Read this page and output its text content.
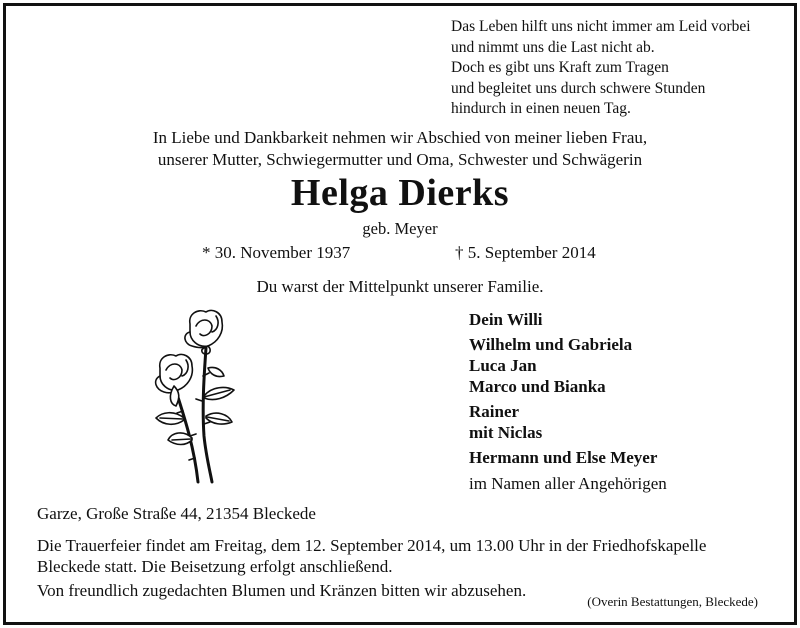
Das Leben hilft uns nicht immer am Leid vorbei
und nimmt uns die Last nicht ab.
Doch es gibt uns Kraft zum Tragen
und begleitet uns durch schwere Stunden
hindurch in einen neuen Tag.
In Liebe und Dankbarkeit nehmen wir Abschied von meiner lieben Frau,
unserer Mutter, Schwiegermutter und Oma, Schwester und Schwägerin
Helga Dierks
geb. Meyer
* 30. November 1937	† 5. September 2014
Du warst der Mittelpunkt unserer Familie.
Dein Willi
Wilhelm und Gabriela
Luca Jan
Marco und Bianka
Rainer
mit Niclas
Hermann und Else Meyer
im Namen aller Angehörigen
Garze, Große Straße 44, 21354 Bleckede
Die Trauerfeier findet am Freitag, dem 12. September 2014, um 13.00 Uhr in der Friedhofskapelle
Bleckede statt. Die Beisetzung erfolgt anschließend.
Von freundlich zugedachten Blumen und Kränzen bitten wir abzusehen.
(Overin Bestattungen, Bleckede)
